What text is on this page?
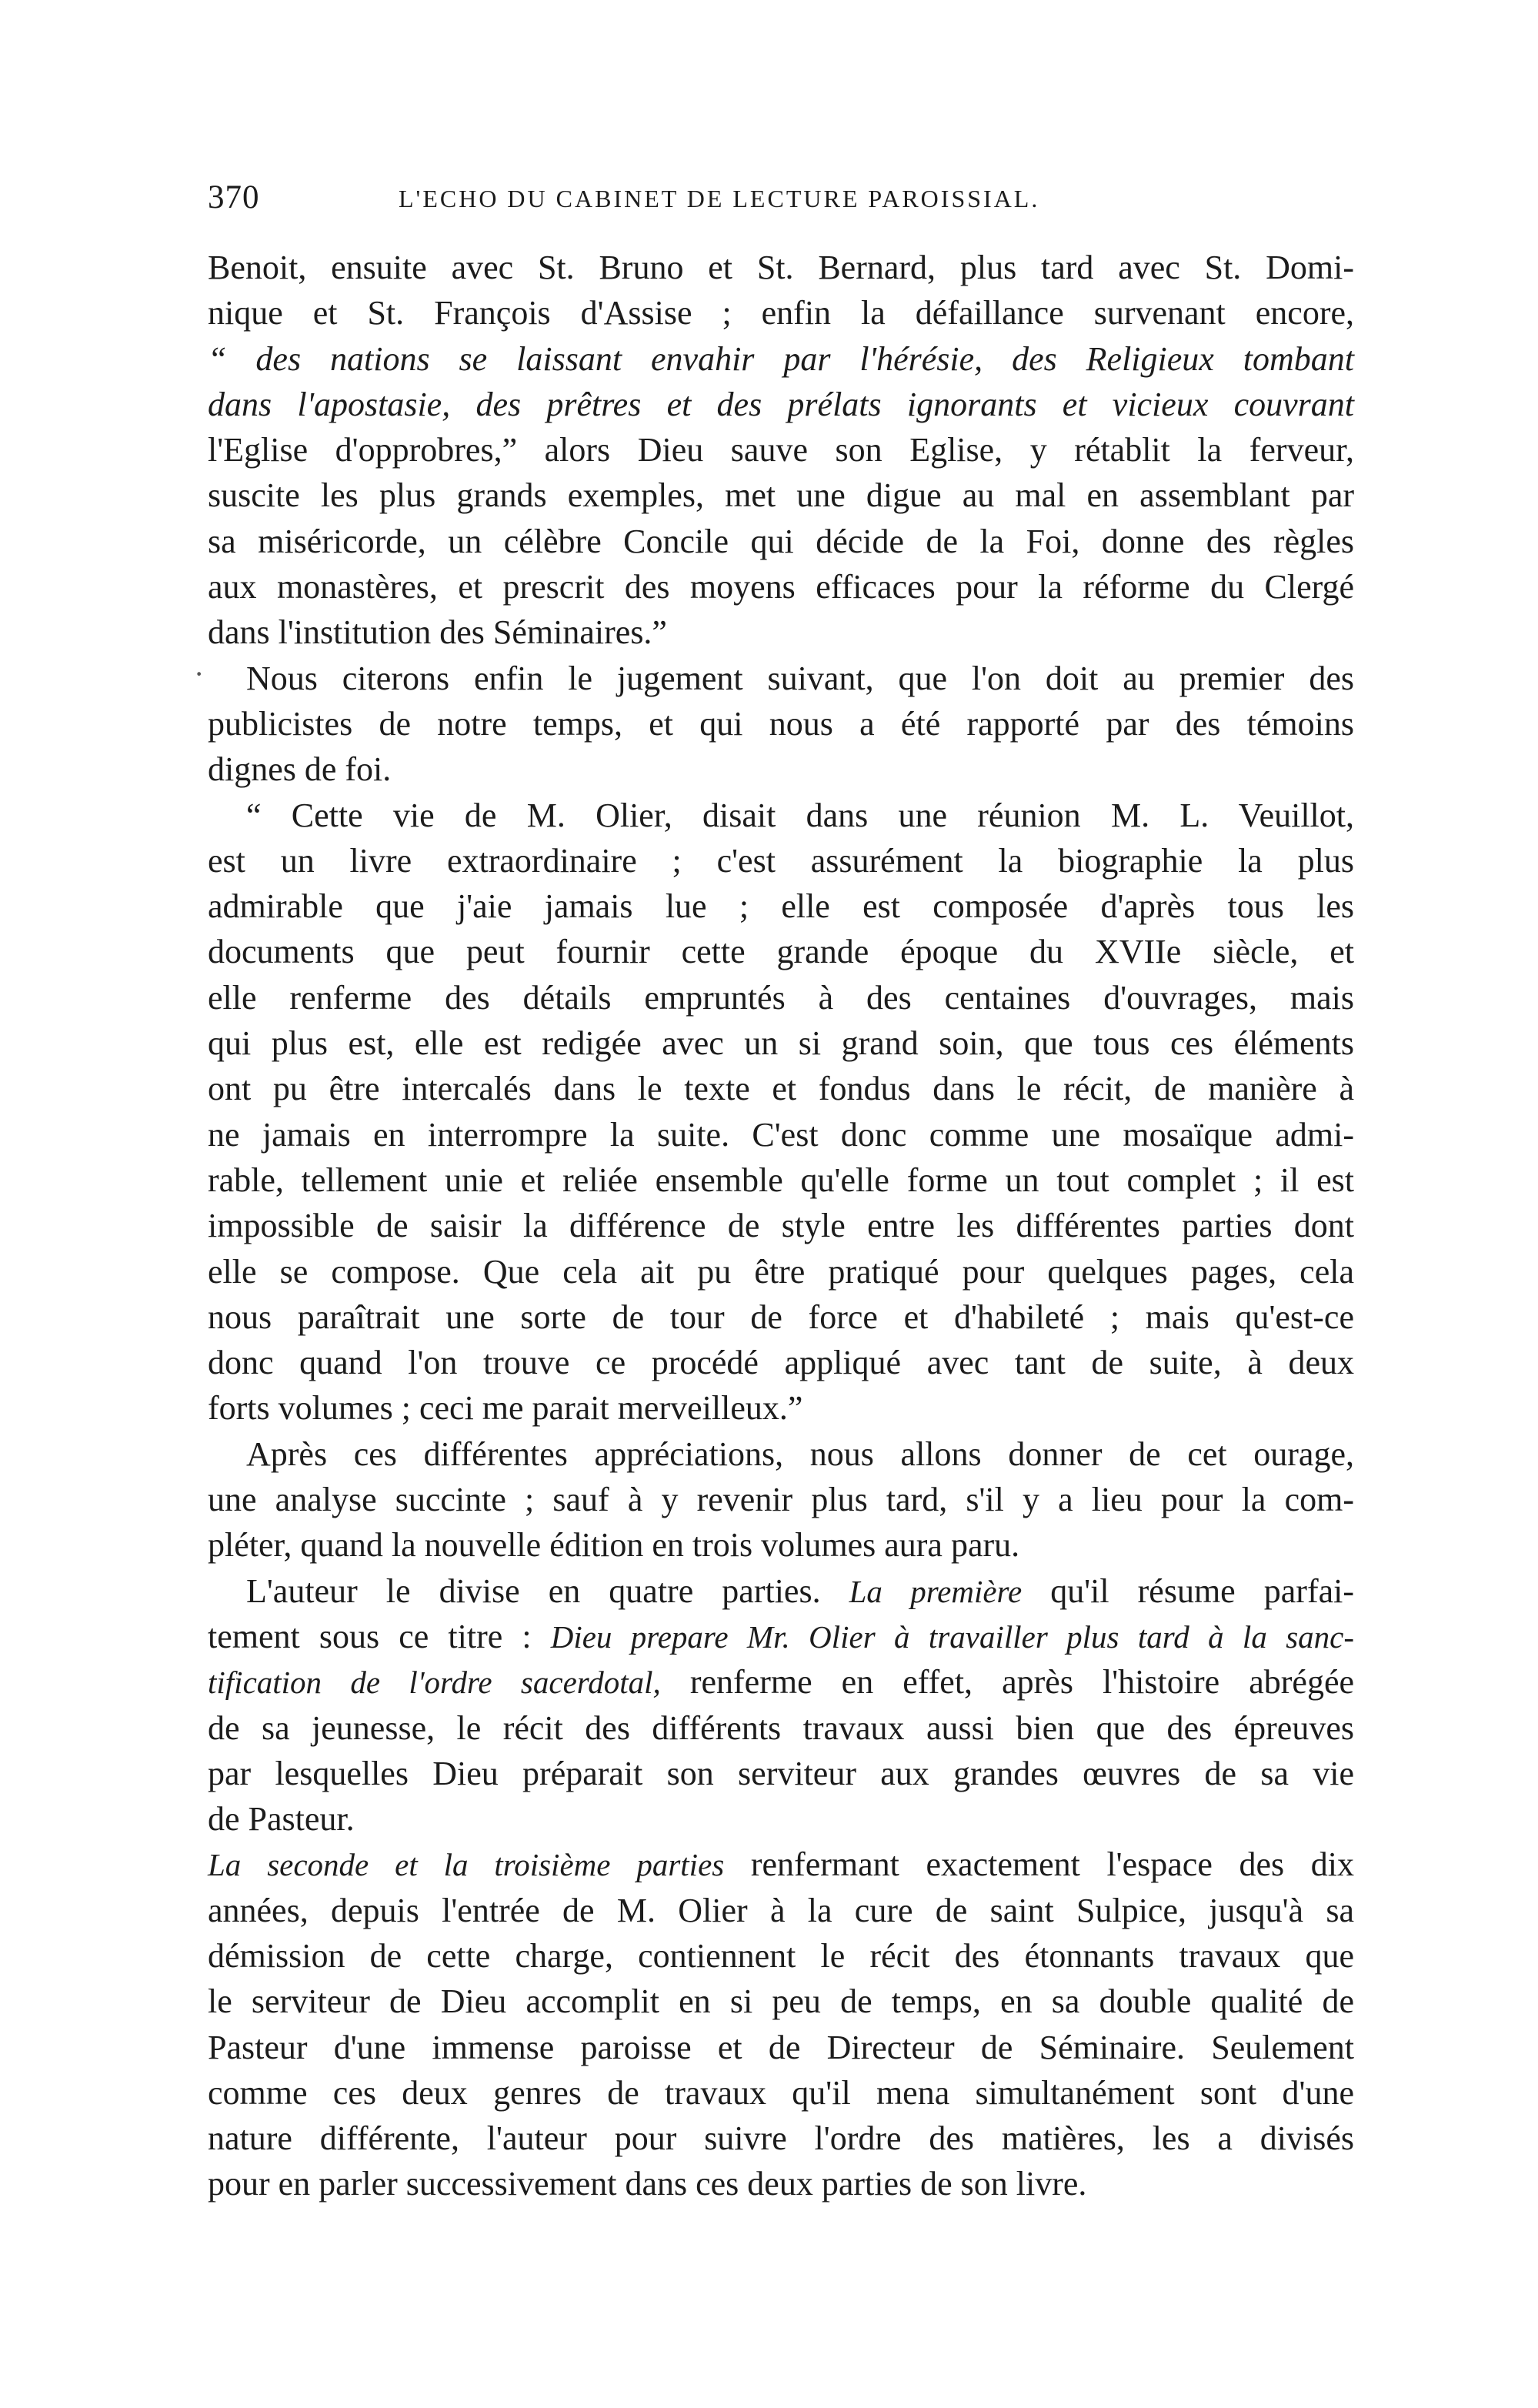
370	L'ECHO DU CABINET DE LECTURE PAROISSIAL.
·
Benoit, ensuite avec St. Bruno et St. Bernard, plus tard avec St. Domi-
nique et St. François d'Assise ; enfin la défaillance survenant encore,
“ des nations se laissant envahir par l'hérésie, des Religieux tombant
dans l'apostasie, des prêtres et des prélats ignorants et vicieux couvrant
l'Eglise d'opprobres,” alors Dieu sauve son Eglise, y rétablit la ferveur,
suscite les plus grands exemples, met une digue au mal en assemblant par
sa miséricorde, un célèbre Concile qui décide de la Foi, donne des règles
aux monastères, et prescrit des moyens efficaces pour la réforme du Clergé
dans l'institution des Séminaires.”
Nous citerons enfin le jugement suivant, que l'on doit au premier des
publicistes de notre temps, et qui nous a été rapporté par des témoins
dignes de foi.
“ Cette vie de M. Olier, disait dans une réunion M. L. Veuillot,
est un livre extraordinaire ; c'est assurément la biographie la plus
admirable que j'aie jamais lue ; elle est composée d'après tous les
documents que peut fournir cette grande époque du XVIIe siècle, et
elle renferme des détails empruntés à des centaines d'ouvrages, mais
qui plus est, elle est redigée avec un si grand soin, que tous ces éléments
ont pu être intercalés dans le texte et fondus dans le récit, de manière à
ne jamais en interrompre la suite. C'est donc comme une mosaïque admi-
rable, tellement unie et reliée ensemble qu'elle forme un tout complet ; il est
impossible de saisir la différence de style entre les différentes parties dont
elle se compose. Que cela ait pu être pratiqué pour quelques pages, cela
nous paraîtrait une sorte de tour de force et d'habileté ; mais qu'est-ce
donc quand l'on trouve ce procédé appliqué avec tant de suite, à deux
forts volumes ; ceci me parait merveilleux.”
Après ces différentes appréciations, nous allons donner de cet ourage,
une analyse succinte ; sauf à y revenir plus tard, s'il y a lieu pour la com-
pléter, quand la nouvelle édition en trois volumes aura paru.
L'auteur le divise en quatre parties. La première qu'il résume parfai-
tement sous ce titre : Dieu prepare Mr. Olier à travailler plus tard à la sanc-
tification de l'ordre sacerdotal, renferme en effet, après l'histoire abrégée
de sa jeunesse, le récit des différents travaux aussi bien que des épreuves
par lesquelles Dieu préparait son serviteur aux grandes œuvres de sa vie
de Pasteur.
La seconde et la troisième parties renfermant exactement l'espace des dix
années, depuis l'entrée de M. Olier à la cure de saint Sulpice, jusqu'à sa
démission de cette charge, contiennent le récit des étonnants travaux que
le serviteur de Dieu accomplit en si peu de temps, en sa double qualité de
Pasteur d'une immense paroisse et de Directeur de Séminaire. Seulement
comme ces deux genres de travaux qu'il mena simultanément sont d'une
nature différente, l'auteur pour suivre l'ordre des matières, les a divisés
pour en parler successivement dans ces deux parties de son livre.
